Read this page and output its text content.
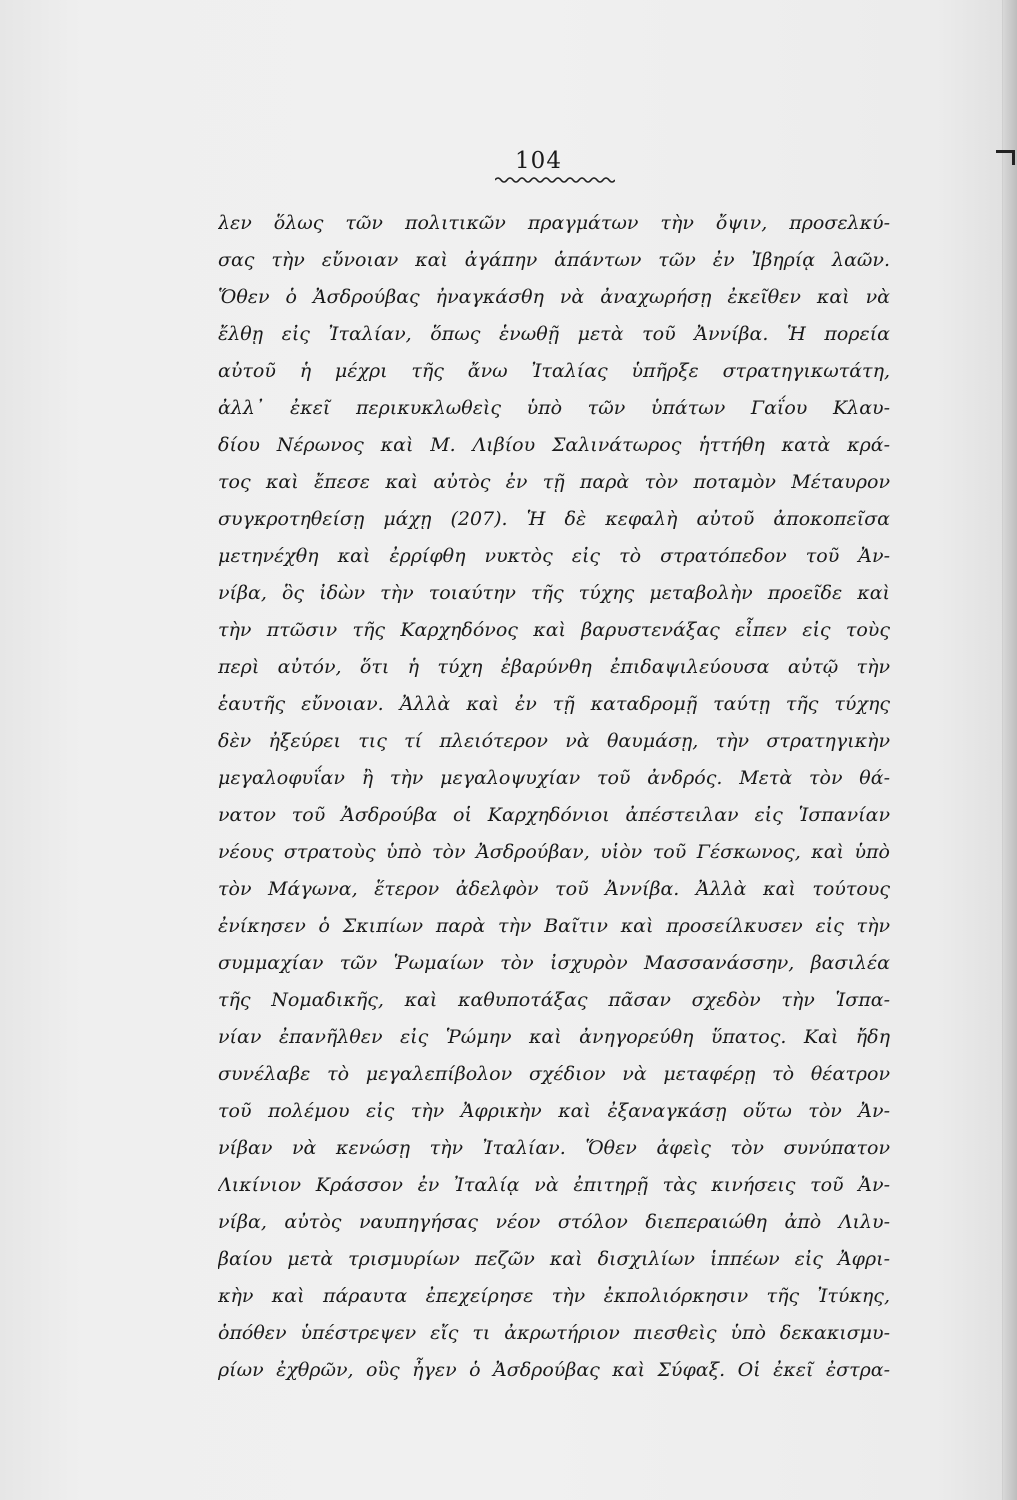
104
λεν ὅλως τῶν πολιτικῶν πραγμάτων τὴν ὄψιν, προσελκύ-
σας τὴν εὔνοιαν καὶ ἀγάπην ἁπάντων τῶν ἐν Ἰβηρίᾳ λαῶν.
Ὅθεν ὁ Ἀσδρούβας ἠναγκάσθη νὰ ἀναχωρήσῃ ἐκεῖθεν καὶ νὰ
ἔλθῃ εἰς Ἰταλίαν, ὅπως ἑνωθῇ μετὰ τοῦ Ἀννίβα. Ἡ πορεία
αὐτοῦ ἡ μέχρι τῆς ἄνω Ἰταλίας ὑπῆρξε στρατηγικωτάτη,
ἀλλ᾽ ἐκεῖ περικυκλωθεὶς ὑπὸ τῶν ὑπάτων Γαΐου Κλαυ-
δίου Νέρωνος καὶ Μ. Λιβίου Σαλινάτωρος ἡττήθη κατὰ κρά-
τος καὶ ἔπεσε καὶ αὐτὸς ἐν τῇ παρὰ τὸν ποταμὸν Μέταυρον
συγκροτηθείσῃ μάχῃ (207). Ἡ δὲ κεφαλὴ αὐτοῦ ἀποκοπεῖσα
μετηνέχθη καὶ ἐρρίφθη νυκτὸς εἰς τὸ στρατόπεδον τοῦ Ἀν-
νίβα, ὃς ἰδὼν τὴν τοιαύτην τῆς τύχης μεταβολὴν προεῖδε καὶ
τὴν πτῶσιν τῆς Καρχηδόνος καὶ βαρυστενάξας εἶπεν εἰς τοὺς
περὶ αὐτόν, ὅτι ἡ τύχη ἐβαρύνθη ἐπιδαψιλεύουσα αὐτῷ τὴν
ἑαυτῆς εὔνοιαν. Ἀλλὰ καὶ ἐν τῇ καταδρομῇ ταύτῃ τῆς τύχης
δὲν ἠξεύρει τις τί πλειότερον νὰ θαυμάσῃ, τὴν στρατηγικὴν
μεγαλοφυΐαν ἢ τὴν μεγαλοψυχίαν τοῦ ἀνδρός. Μετὰ τὸν θά-
νατον τοῦ Ἀσδρούβα οἱ Καρχηδόνιοι ἀπέστειλαν εἰς Ἱσπανίαν
νέους στρατοὺς ὑπὸ τὸν Ἀσδρούβαν, υἱὸν τοῦ Γέσκωνος, καὶ ὑπὸ
τὸν Μάγωνα, ἕτερον ἀδελφὸν τοῦ Ἀννίβα. Ἀλλὰ καὶ τούτους
ἐνίκησεν ὁ Σκιπίων παρὰ τὴν Βαῖτιν καὶ προσείλκυσεν εἰς τὴν
συμμαχίαν τῶν Ῥωμαίων τὸν ἰσχυρὸν Μασσανάσσην, βασιλέα
τῆς Νομαδικῆς, καὶ καθυποτάξας πᾶσαν σχεδὸν τὴν Ἱσπα-
νίαν ἐπανῆλθεν εἰς Ῥώμην καὶ ἀνηγορεύθη ὕπατος. Καὶ ἤδη
συνέλαβε τὸ μεγαλεπίβολον σχέδιον νὰ μεταφέρῃ τὸ θέατρον
τοῦ πολέμου εἰς τὴν Ἀφρικὴν καὶ ἐξαναγκάσῃ οὕτω τὸν Ἀν-
νίβαν νὰ κενώσῃ τὴν Ἰταλίαν. Ὅθεν ἀφεὶς τὸν συνύπατον
Λικίνιον Κράσσον ἐν Ἰταλίᾳ νὰ ἐπιτηρῇ τὰς κινήσεις τοῦ Ἀν-
νίβα, αὐτὸς ναυπηγήσας νέον στόλον διεπεραιώθη ἀπὸ Λιλυ-
βαίου μετὰ τρισμυρίων πεζῶν καὶ δισχιλίων ἱππέων εἰς Ἀφρι-
κὴν καὶ πάραυτα ἐπεχείρησε τὴν ἐκπολιόρκησιν τῆς Ἰτύκης,
ὁπόθεν ὑπέστρεψεν εἴς τι ἀκρωτήριον πιεσθεὶς ὑπὸ δεκακισμυ-
ρίων ἐχθρῶν, οὓς ἦγεν ὁ Ἀσδρούβας καὶ Σύφαξ. Οἱ ἐκεῖ ἐστρα-
